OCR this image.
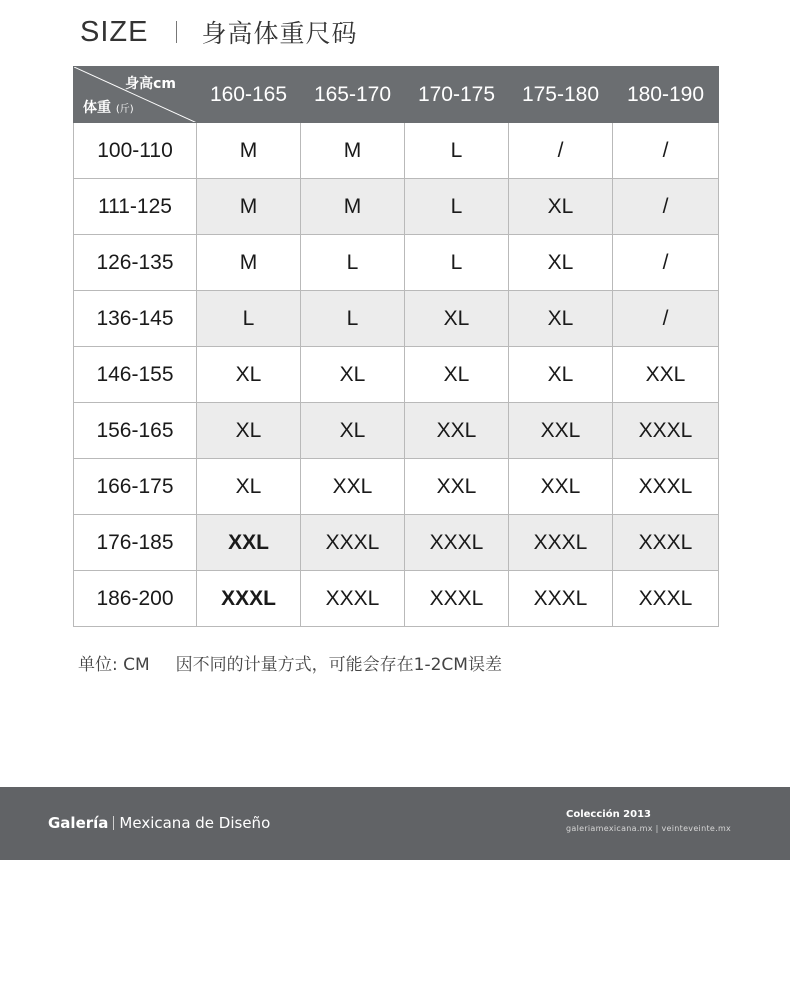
SIZE 身高体重尺码
身高cm
体重 (斤)	160-165	165-170	170-175	175-180	180-190
100-110	M	M	L	/	/
111-125	M	M	L	XL	/
126-135	M	L	L	XL	/
136-145	L	L	XL	XL	/
146-155	XL	XL	XL	XL	XXL
156-165	XL	XL	XXL	XXL	XXXL
166-175	XL	XXL	XXL	XXL	XXXL
176-185	XXL	XXXL	XXXL	XXXL	XXXL
186-200	XXXL	XXXL	XXXL	XXXL	XXXL
单位: CM 因不同的计量方式，可能会存在1-2CM误差
Galería Mexicana de Diseño	Colección 2013
galeriamexicana.mx | veinteveinte.mx
